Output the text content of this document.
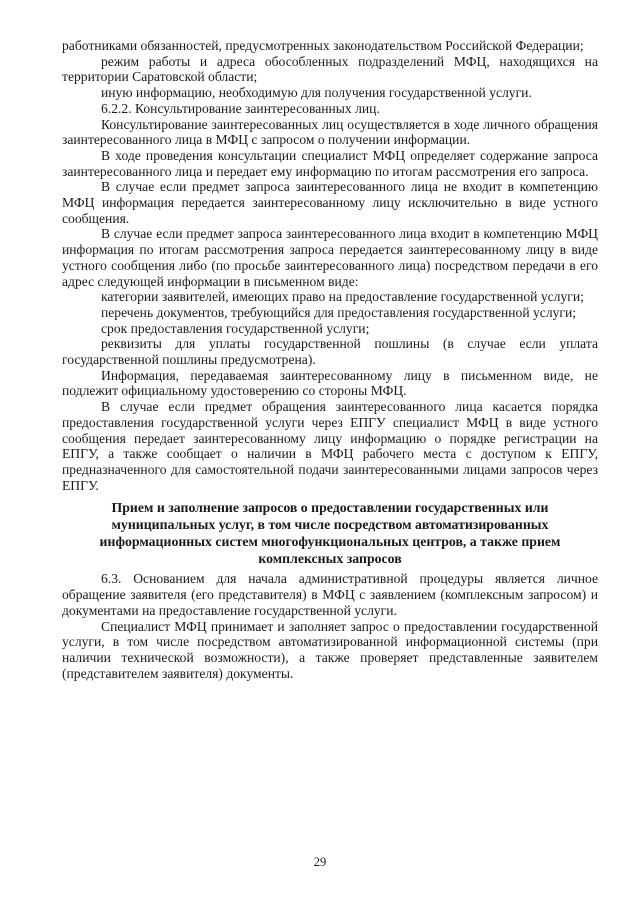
работниками обязанностей, предусмотренных законодательством Российской Федерации;

режим работы и адреса обособленных подразделений МФЦ, находящихся на территории Саратовской области;

иную информацию, необходимую для получения государственной услуги.

6.2.2. Консультирование заинтересованных лиц.

Консультирование заинтересованных лиц осуществляется в ходе личного обращения заинтересованного лица в МФЦ с запросом о получении информации.

В ходе проведения консультации специалист МФЦ определяет содержание запроса заинтересованного лица и передает ему информацию по итогам рассмотрения его запроса.

В случае если предмет запроса заинтересованного лица не входит в компетенцию МФЦ информация передается заинтересованному лицу исключительно в виде устного сообщения.

В случае если предмет запроса заинтересованного лица входит в компетенцию МФЦ информация по итогам рассмотрения запроса передается заинтересованному лицу в виде устного сообщения либо (по просьбе заинтересованного лица) посредством передачи в его адрес следующей информации в письменном виде:

категории заявителей, имеющих право на предоставление государственной услуги;

перечень документов, требующийся для предоставления государственной услуги;

срок предоставления государственной услуги;

реквизиты для уплаты государственной пошлины (в случае если уплата государственной пошлины предусмотрена).

Информация, передаваемая заинтересованному лицу в письменном виде, не подлежит официальному удостоверению со стороны МФЦ.

В случае если предмет обращения заинтересованного лица касается порядка предоставления государственной услуги через ЕПГУ специалист МФЦ в виде устного сообщения передает заинтересованному лицу информацию о порядке регистрации на ЕПГУ, а также сообщает о наличии в МФЦ рабочего места с доступом к ЕПГУ, предназначенного для самостоятельной подачи заинтересованными лицами запросов через ЕПГУ.

Прием и заполнение запросов о предоставлении государственных или муниципальных услуг, в том числе посредством автоматизированных информационных систем многофункциональных центров, а также прием комплексных запросов

6.3. Основанием для начала административной процедуры является личное обращение заявителя (его представителя) в МФЦ с заявлением (комплексным запросом) и документами на предоставление государственной услуги.

Специалист МФЦ принимает и заполняет запрос о предоставлении государственной услуги, в том числе посредством автоматизированной информационной системы (при наличии технической возможности), а также проверяет представленные заявителем (представителем заявителя) документы.

29
